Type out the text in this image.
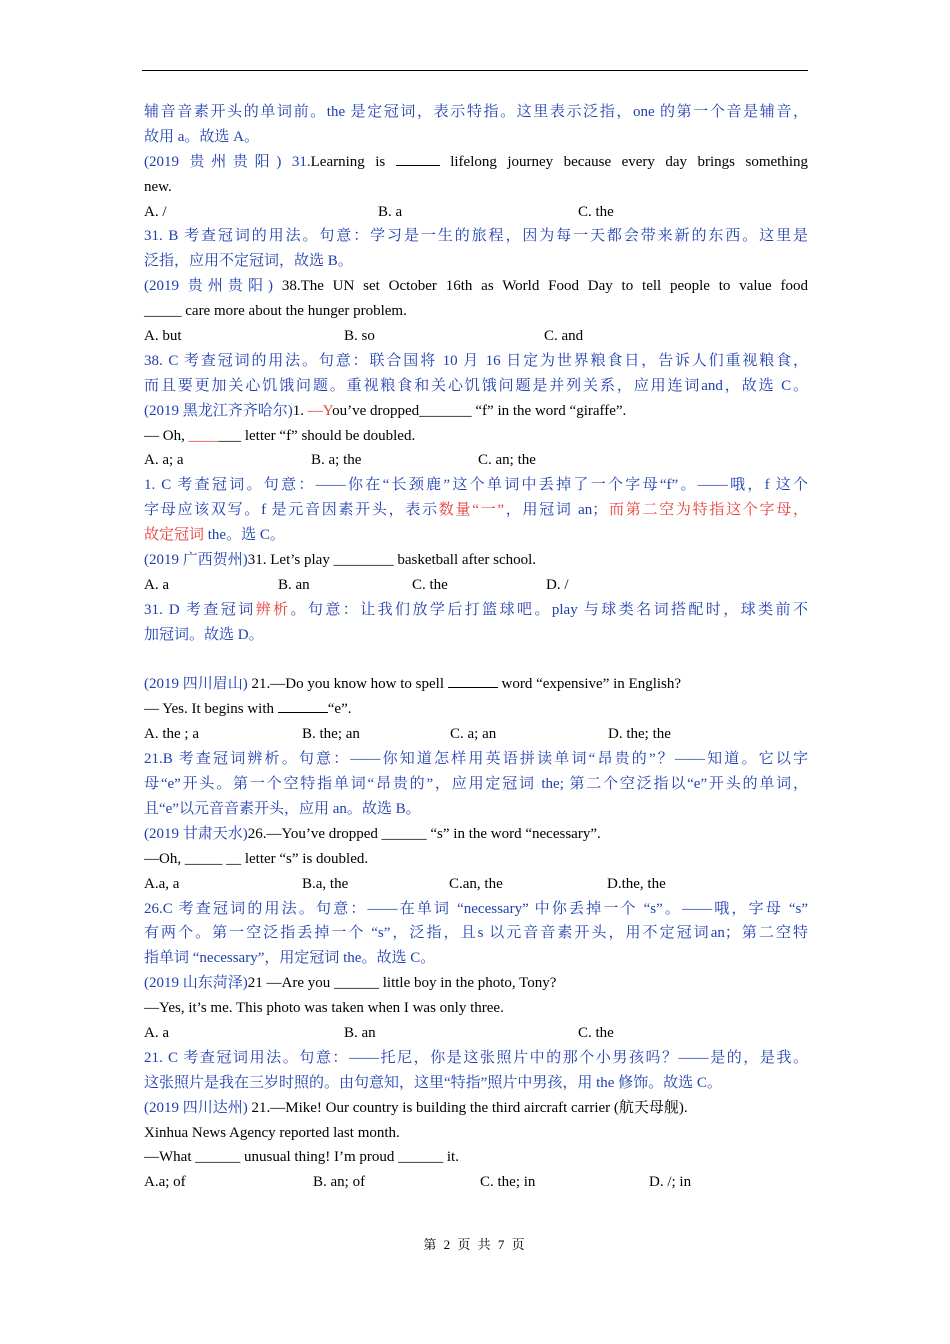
辅音音素开头的单词前。the 是定冠词，表示特指。这里表示泛指，one 的第一个音是辅音，
故用 a。故选 A。
(2019 贵州贵阳) 31.Learning is	lifelong journey because every day brings something
new.
A. /	B. a	C. the
31. B 考查冠词的用法。句意：学习是一生的旅程，因为每一天都会带来新的东西。这里是
泛指，应用不定冠词，故选 B。
(2019 贵州贵阳) 38.The UN set October 16th as World Food Day to tell people to value food
_____ care more about the hunger problem.
A. but	B. so	C. and
38. C 考查冠词的用法。句意：联合国将 10 月 16 日定为世界粮食日，告诉人们重视粮食，
而且要更加关心饥饿问题。重视粮食和关心饥饿问题是并列关系，应用连词and，故选 C。
(2019 黑龙江齐齐哈尔)1. —You’ve dropped_______ “f” in the word “giraffe”.
— Oh, _______ letter “f” should be doubled.
A. a; a	B. a; the	C. an; the
1. C 考查冠词。句意：——你在“长颈鹿”这个单词中丢掉了一个字母“f”。——哦，f 这个
字母应该双写。f 是元音因素开头，表示数量“一”，用冠词 an；而第二空为特指这个字母，
故定冠词 the。选 C。
(2019 广西贺州)31. Let’s play ________ basketball after school.
A. a	B. an	C. the	D. /
31. D 考查冠词辨析。句意：让我们放学后打篮球吧。play 与球类名词搭配时，球类前不
加冠词。故选 D。
(2019 四川眉山) 21.—Do you know how to spell	word “expensive” in English?
— Yes. It begins with	“e”.
A. the ; a	B. the; an	C. a; an	D. the; the
21.B 考查冠词辨析。句意：——你知道怎样用英语拼读单词“昂贵的”？——知道。它以字
母“e”开头。第一个空特指单词“昂贵的”，应用定冠词 the; 第二个空泛指以“e”开头的单词，
且“e”以元音音素开头，应用 an。故选 B。
(2019 甘肃天水)26.—You’ve dropped ______ “s” in the word “necessary”.
—Oh, _____ __ letter “s” is doubled.
A.a, a	B.a, the	C.an, the	D.the, the
26.C 考查冠词的用法。句意：——在单词 “necessary” 中你丢掉一个 “s”。——哦，字母 “s”
有两个。第一空泛指丢掉一个 “s”，泛指，且s 以元音音素开头，用不定冠词an；第二空特
指单词 “necessary”，用定冠词 the。故选 C。
(2019 山东菏泽)21 —Are you ______ little boy in the photo, Tony?
—Yes, it’s me. This photo was taken when I was only three.
A. a	B. an	C. the
21. C 考查冠词用法。句意：——托尼，你是这张照片中的那个小男孩吗？——是的，是我。
这张照片是我在三岁时照的。由句意知，这里“特指”照片中男孩，用 the 修饰。故选 C。
(2019 四川达州) 21.—Mike! Our country is building the third aircraft carrier (航天母舰).
Xinhua News Agency reported last month.
—What ______ unusual thing! I’m proud ______ it.
A.a; of	B. an; of	C. the; in	D. /; in
第 2 页 共 7 页
